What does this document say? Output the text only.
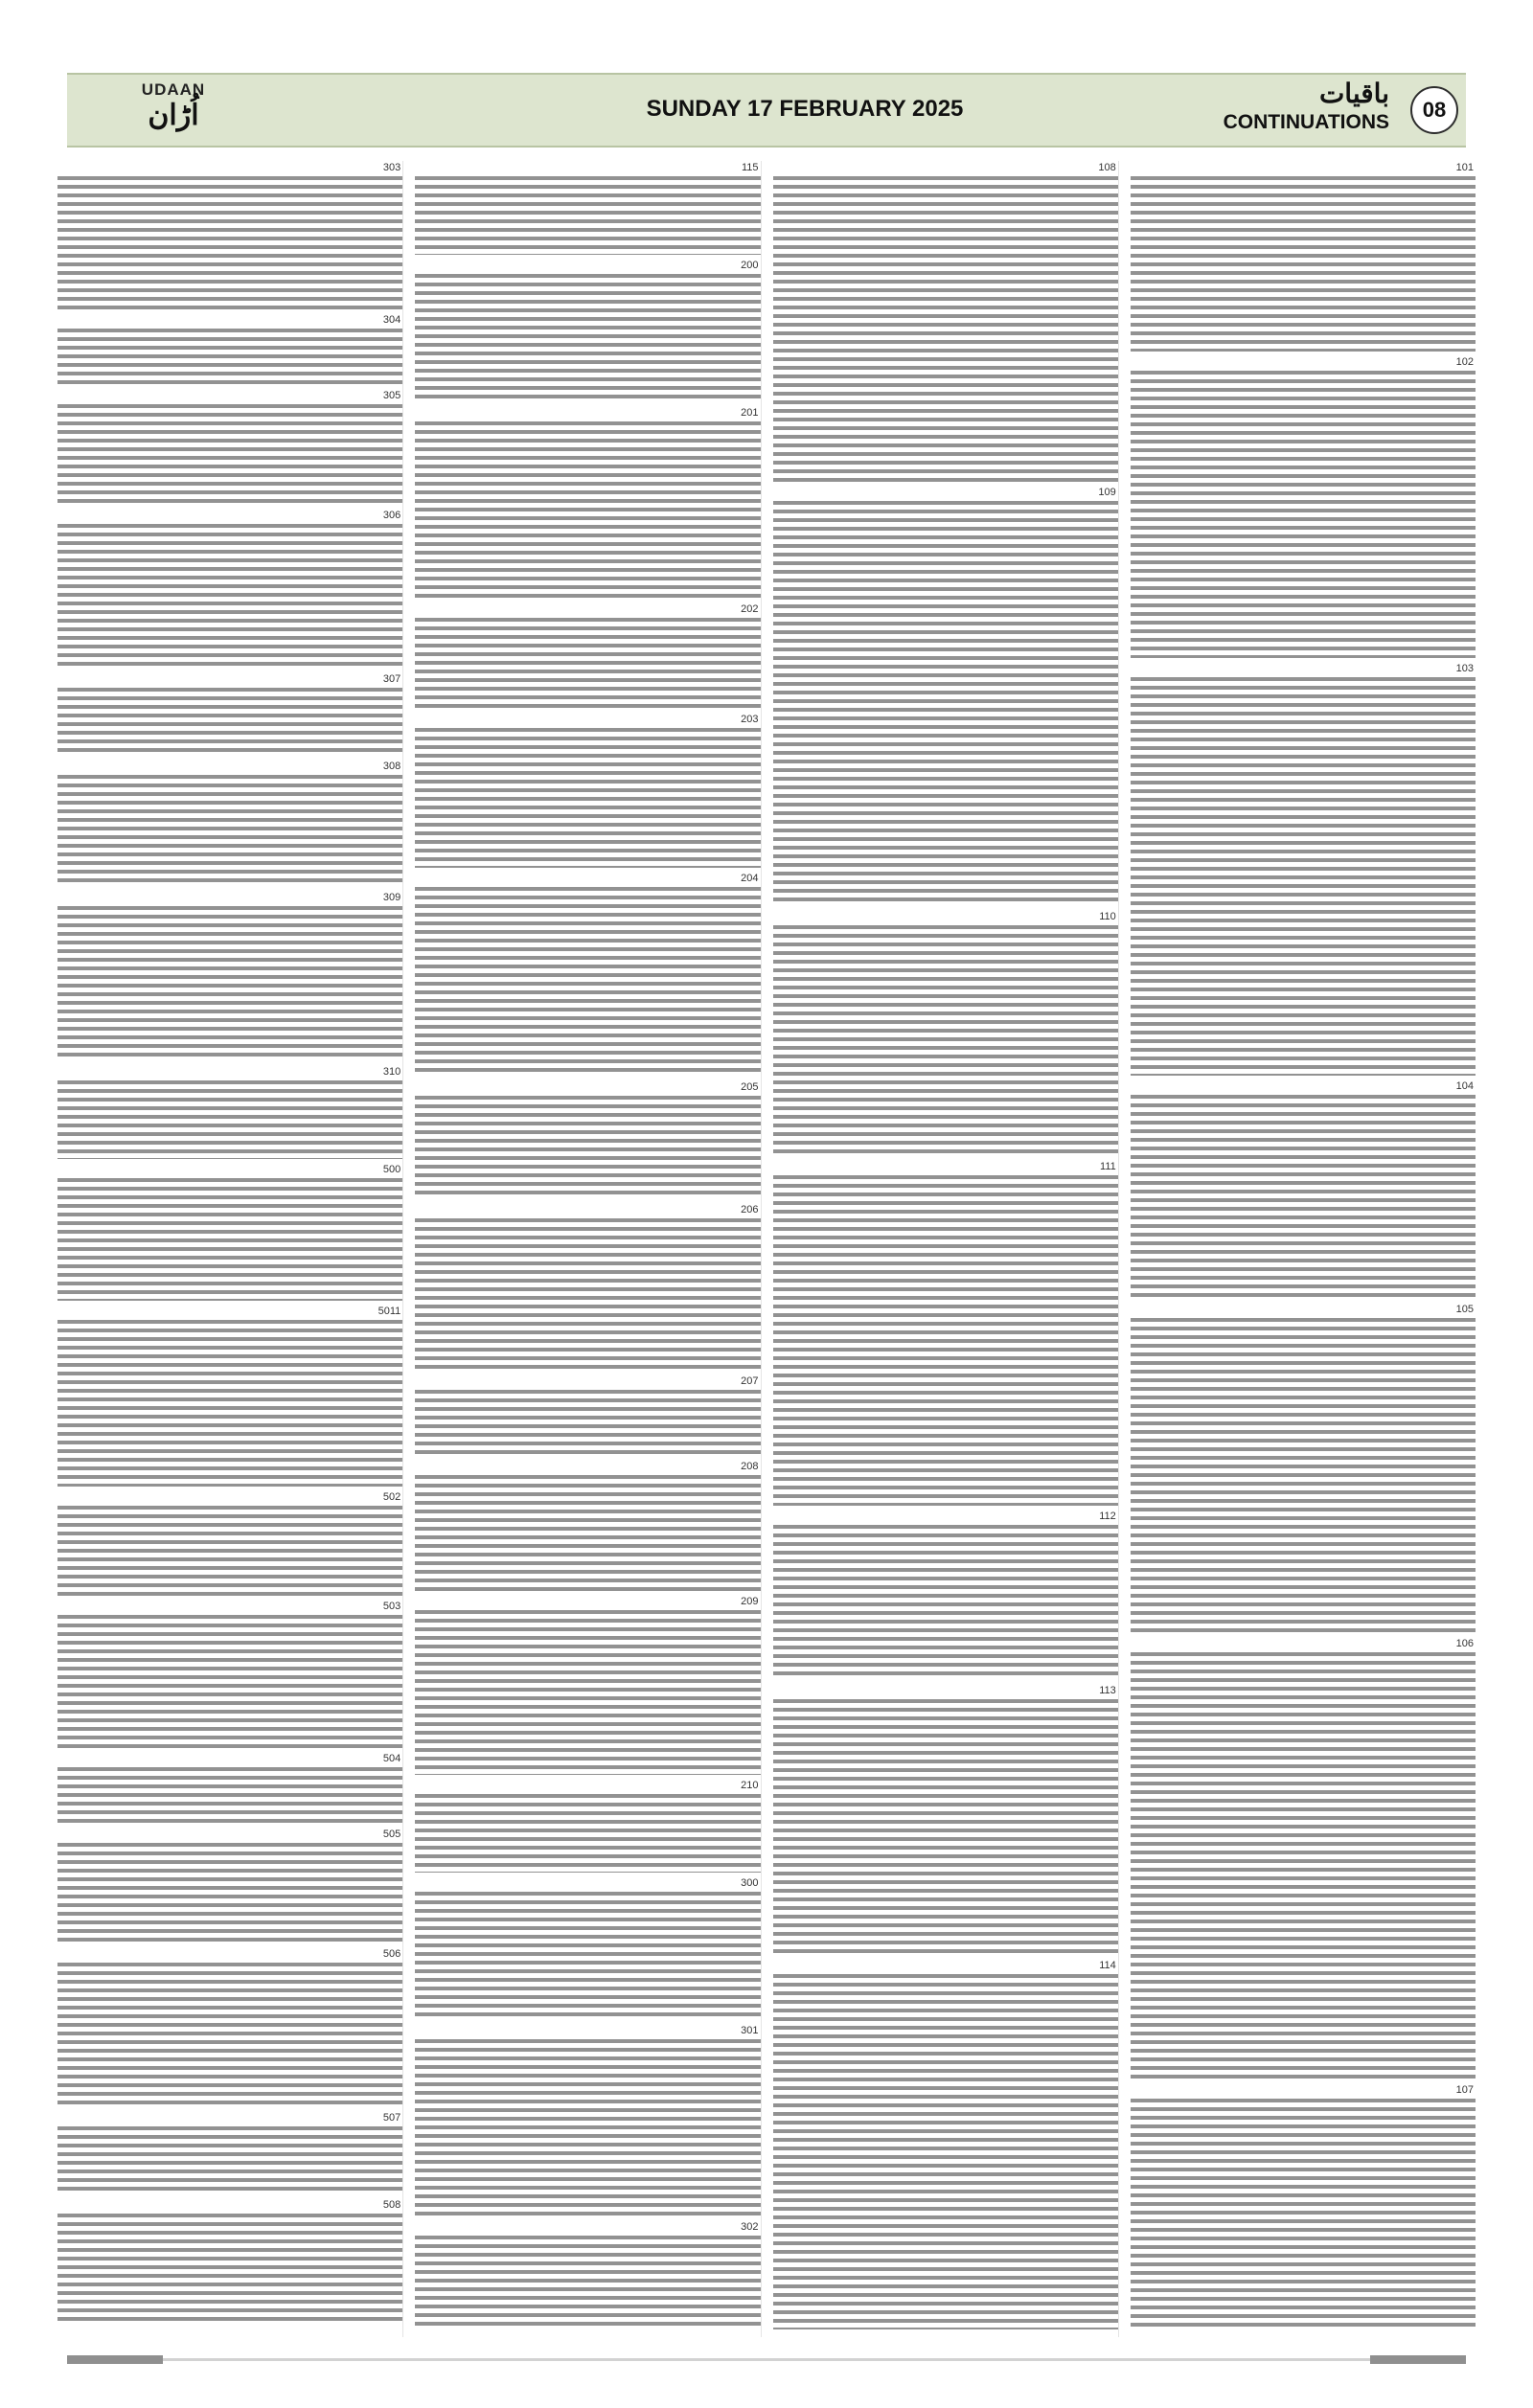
UDAAN
اُڑان	SUNDAY 17 FEBRUARY 2025	باقیات
CONTINUATIONS
08
101
102
103
104
105
106
107
108
109
110
111
112
113
114
115
200
201
202
203
204
205
206
207
208
209
210
300
301
302
303
304
305
306
307
308
309
310
500
5011
502
503
504
505
506
507
508
